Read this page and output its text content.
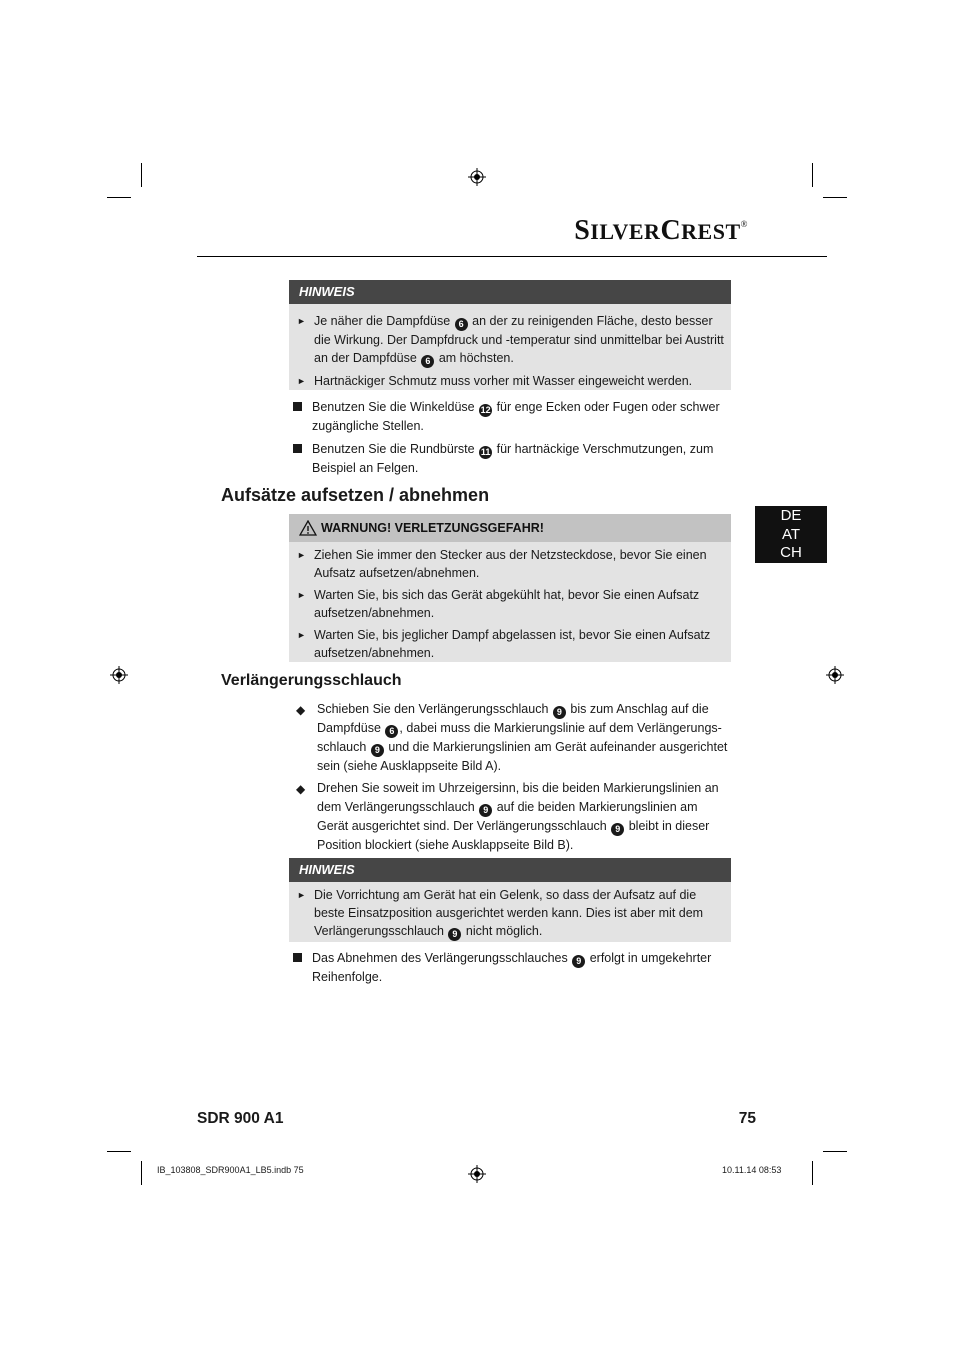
SILVERCREST®
HINWEIS
► Je näher die Dampfdüse 6 an der zu reinigenden Fläche, desto besser die Wirkung. Der Dampfdruck und -temperatur sind unmittelbar bei Austritt an der Dampfdüse 6 am höchsten.
► Hartnäckiger Schmutz muss vorher mit Wasser eingeweicht werden.
Benutzen Sie die Winkeldüse 12 für enge Ecken oder Fugen oder schwer zugängliche Stellen.
Benutzen Sie die Rundbürste 11 für hartnäckige Verschmutzungen, zum Beispiel an Felgen.
Aufsätze aufsetzen / abnehmen
DE
AT
CH
WARNUNG! VERLETZUNGSGEFAHR!
► Ziehen Sie immer den Stecker aus der Netzsteckdose, bevor Sie einen Aufsatz aufsetzen/abnehmen.
► Warten Sie, bis sich das Gerät abgekühlt hat, bevor Sie einen Aufsatz aufsetzen/abnehmen.
► Warten Sie, bis jeglicher Dampf abgelassen ist, bevor Sie einen Aufsatz aufsetzen/abnehmen.
Verlängerungsschlauch
◆ Schieben Sie den Verlängerungsschlauch 9 bis zum Anschlag auf die Dampfdüse 6 , dabei muss die Markierungslinie auf dem Verlängerungs-schlauch 9 und die Markierungslinien am Gerät aufeinander ausgerichtet sein (siehe Ausklappseite Bild A).
◆ Drehen Sie soweit im Uhrzeigersinn, bis die beiden Markierungslinien an dem Verlängerungsschlauch 9 auf die beiden Markierungslinien am Gerät ausgerichtet sind. Der Verlängerungsschlauch 9 bleibt in dieser Position blockiert (siehe Ausklappseite Bild B).
HINWEIS
► Die Vorrichtung am Gerät hat ein Gelenk, so dass der Aufsatz auf die beste Einsatzposition ausgerichtet werden kann. Dies ist aber mit dem Verlängerungsschlauch 9 nicht möglich.
Das Abnehmen des Verlängerungsschlauches 9 erfolgt in umgekehrter Reihenfolge.
SDR 900 A1	75
IB_103808_SDR900A1_LB5.indb 75	10.11.14 08:53
